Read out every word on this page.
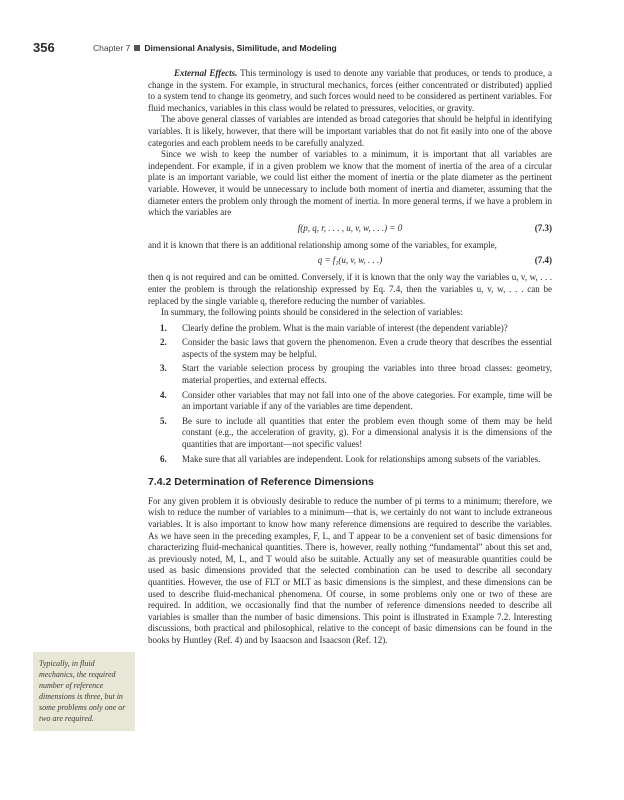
356	Chapter 7 Dimensional Analysis, Similitude, and Modeling

External Effects. This terminology is used to denote any variable that produces, or tends to produce, a change in the system. For example, in structural mechanics, forces (either concentrated or distributed) applied to a system tend to change its geometry, and such forces would need to be considered as pertinent variables. For fluid mechanics, variables in this class would be related to pressures, velocities, or gravity.

The above general classes of variables are intended as broad categories that should be helpful in identifying variables. It is likely, however, that there will be important variables that do not fit easily into one of the above categories and each problem needs to be carefully analyzed.

Since we wish to keep the number of variables to a minimum, it is important that all variables are independent. For example, if in a given problem we know that the moment of inertia of the area of a circular plate is an important variable, we could list either the moment of inertia or the plate diameter as the pertinent variable. However, it would be unnecessary to include both moment of inertia and diameter, assuming that the diameter enters the problem only through the moment of inertia. In more general terms, if we have a problem in which the variables are

f(p, q, r, . . . , u, v, w, . . .) = 0	(7.3)

and it is known that there is an additional relationship among some of the variables, for example,

q = f₁(u, v, w, . . .)	(7.4)

then q is not required and can be omitted. Conversely, if it is known that the only way the variables u, v, w, . . . enter the problem is through the relationship expressed by Eq. 7.4, then the variables u, v, w, . . . can be replaced by the single variable q, therefore reducing the number of variables.

In summary, the following points should be considered in the selection of variables:

1. Clearly define the problem. What is the main variable of interest (the dependent variable)?
2. Consider the basic laws that govern the phenomenon. Even a crude theory that describes the essential aspects of the system may be helpful.
3. Start the variable selection process by grouping the variables into three broad classes: geometry, material properties, and external effects.
4. Consider other variables that may not fall into one of the above categories. For example, time will be an important variable if any of the variables are time dependent.
5. Be sure to include all quantities that enter the problem even though some of them may be held constant (e.g., the acceleration of gravity, g). For a dimensional analysis it is the dimensions of the quantities that are important—not specific values!
6. Make sure that all variables are independent. Look for relationships among subsets of the variables.
7.4.2 Determination of Reference Dimensions

For any given problem it is obviously desirable to reduce the number of pi terms to a minimum; therefore, we wish to reduce the number of variables to a minimum—that is, we certainly do not want to include extraneous variables. It is also important to know how many reference dimensions are required to describe the variables. As we have seen in the preceding examples, F, L, and T appear to be a convenient set of basic dimensions for characterizing fluid-mechanical quantities. There is, however, really nothing “fundamental” about this set and, as previously noted, M, L, and T would also be suitable. Actually any set of measurable quantities could be used as basic dimensions provided that the selected combination can be used to describe all secondary quantities. However, the use of FLT or MLT as basic dimensions is the simplest, and these dimensions can be used to describe fluid-mechanical phenomena. Of course, in some problems only one or two of these are required. In addition, we occasionally find that the number of reference dimensions needed to describe all variables is smaller than the number of basic dimensions. This point is illustrated in Example 7.2. Interesting discussions, both practical and philosophical, relative to the concept of basic dimensions can be found in the books by Huntley (Ref. 4) and by Isaacson and Isaacson (Ref. 12).

Typically, in fluid mechanics, the required number of reference dimensions is three, but in some problems only one or two are required.
